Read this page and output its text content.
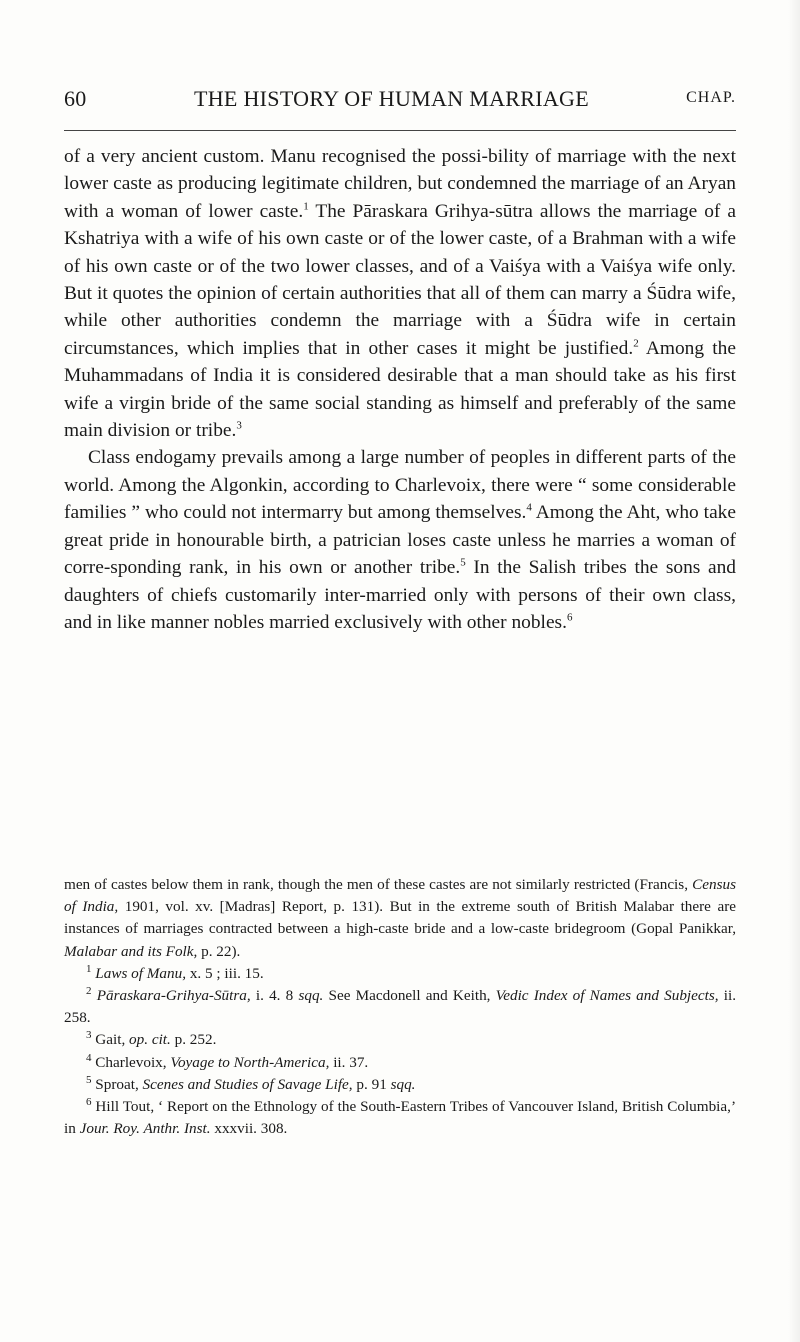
60	THE HISTORY OF HUMAN MARRIAGE	CHAP.

of a very ancient custom. Manu recognised the possi-bility of marriage with the next lower caste as producing legitimate children, but condemned the marriage of an Aryan with a woman of lower caste.$^1$ The Pāraskara Grihya-sūtra allows the marriage of a Kshatriya with a wife of his own caste or of the lower caste, of a Brahman with a wife of his own caste or of the two lower classes, and of a Vaiśya with a Vaiśya wife only. But it quotes the opinion of certain authorities that all of them can marry a Śūdra wife, while other authorities condemn the marriage with a Śūdra wife in certain circumstances, which implies that in other cases it might be justified.$^2$ Among the Muhammadans of India it is considered desirable that a man should take as his first wife a virgin bride of the same social standing as himself and preferably of the same main division or tribe.$^3$

Class endogamy prevails among a large number of peoples in different parts of the world. Among the Algonkin, according to Charlevoix, there were “ some considerable families ” who could not intermarry but among themselves.$^4$ Among the Aht, who take great pride in honourable birth, a patrician loses caste unless he marries a woman of corre-sponding rank, in his own or another tribe.$^5$ In the Salish tribes the sons and daughters of chiefs customarily inter-married only with persons of their own class, and in like manner nobles married exclusively with other nobles.$^6$

men of castes below them in rank, though the men of these castes are not similarly restricted (Francis, Census of India, 1901, vol. xv. [Madras] Report, p. 131). But in the extreme south of British Malabar there are instances of marriages contracted between a high-caste bride and a low-caste bridegroom (Gopal Panikkar, Malabar and its Folk, p. 22).

$^1$ Laws of Manu, x. 5 ; iii. 15.

$^2$ Pāraskara-Grihya-Sūtra, i. 4. 8 sqq. See Macdonell and Keith, Vedic Index of Names and Subjects, ii. 258.

$^3$ Gait, op. cit. p. 252.

$^4$ Charlevoix, Voyage to North-America, ii. 37.

$^5$ Sproat, Scenes and Studies of Savage Life, p. 91 sqq.

$^6$ Hill Tout, ‘ Report on the Ethnology of the South-Eastern Tribes of Vancouver Island, British Columbia,’ in Jour. Roy. Anthr. Inst. xxxvii. 308.
